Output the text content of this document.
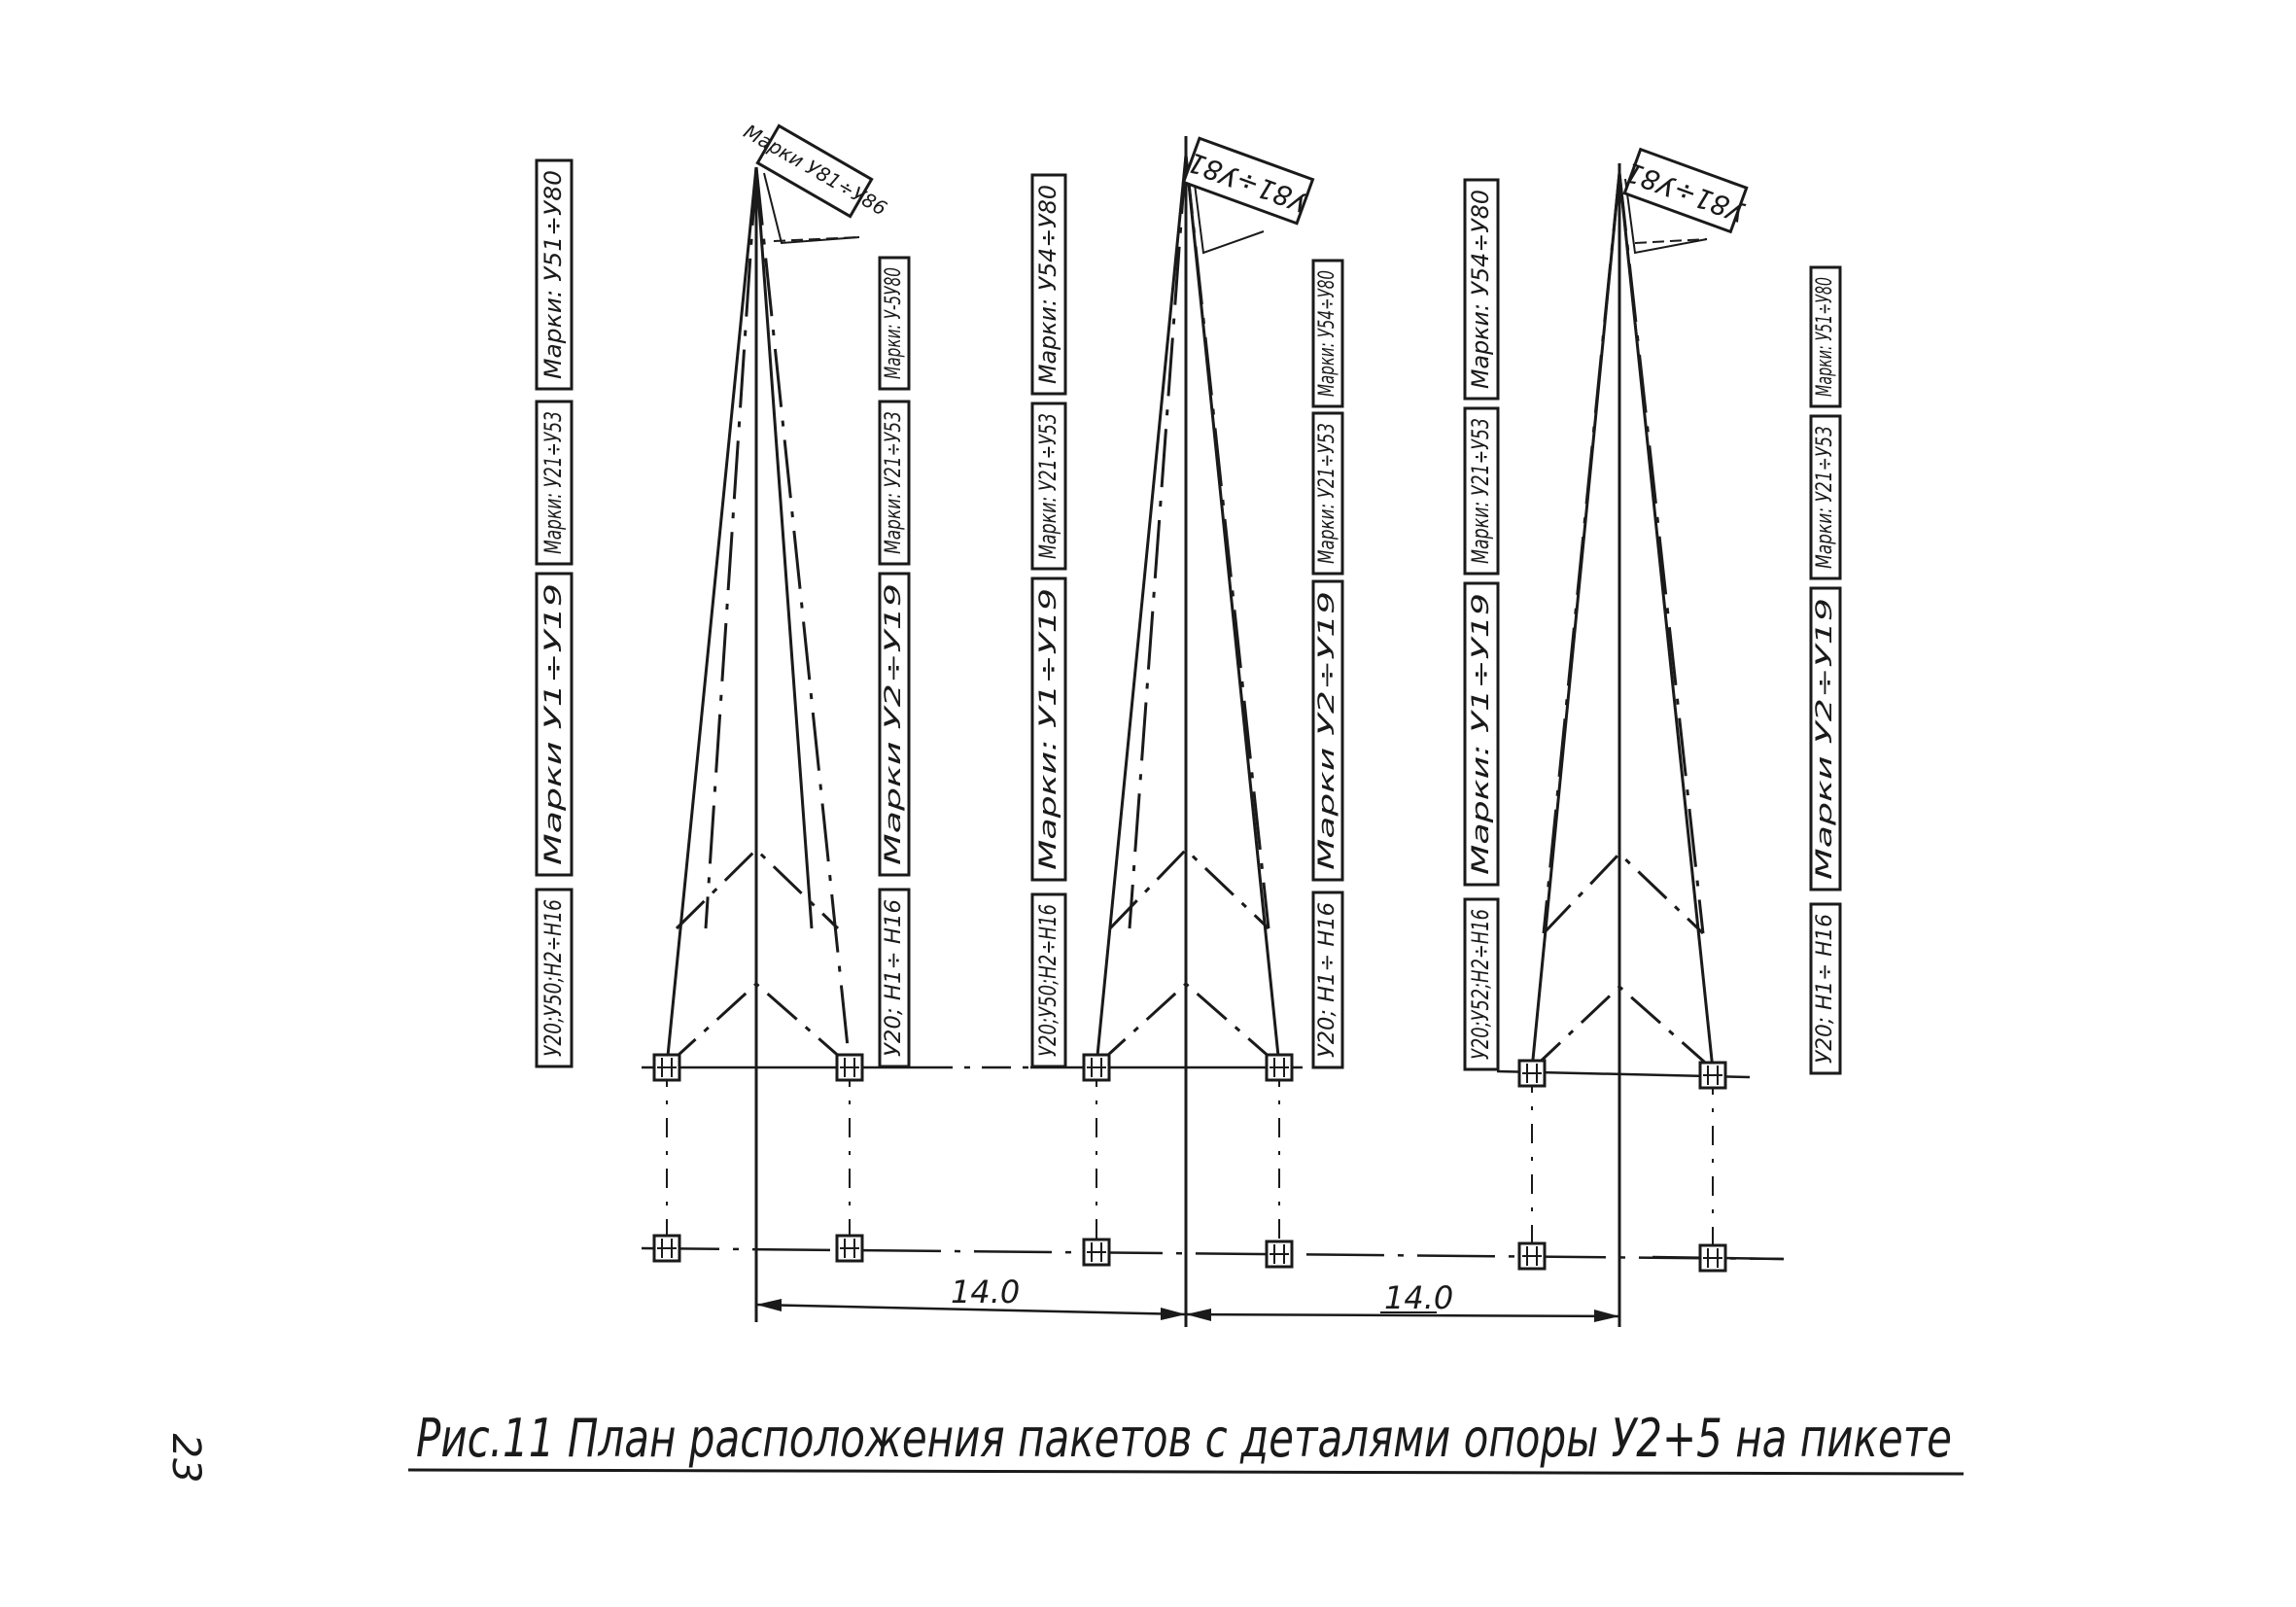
14.0	14.0
Марки У81÷У86	У81÷У81	У81÷У81
Марки: У51÷У80
Марки: У21÷У53
Марки У1÷У19
У20;У50;Н2÷Н16
Марки: У-5У80
Марки: У21÷У53
Марки У2÷У19
У20; Н1÷ Н16
Марки: У54÷У80
Марки: У21÷У53
Марки: У1÷У19
У20;У50;Н2÷Н16
Марки: У54÷У80
Марки: У21÷У53
Марки У2÷У19
У20; Н1÷ Н16
Марки: У54÷У80
Марки: У21÷У53
Марки: У1÷У19
У20;У52;Н2÷Н16
Марки: У51÷У80
Марки: У21÷У53
Марки У2÷У19
У20; Н1÷ Н16
Рис.11 План расположения пакетов с деталями опоры У2+5 на пикете
23
